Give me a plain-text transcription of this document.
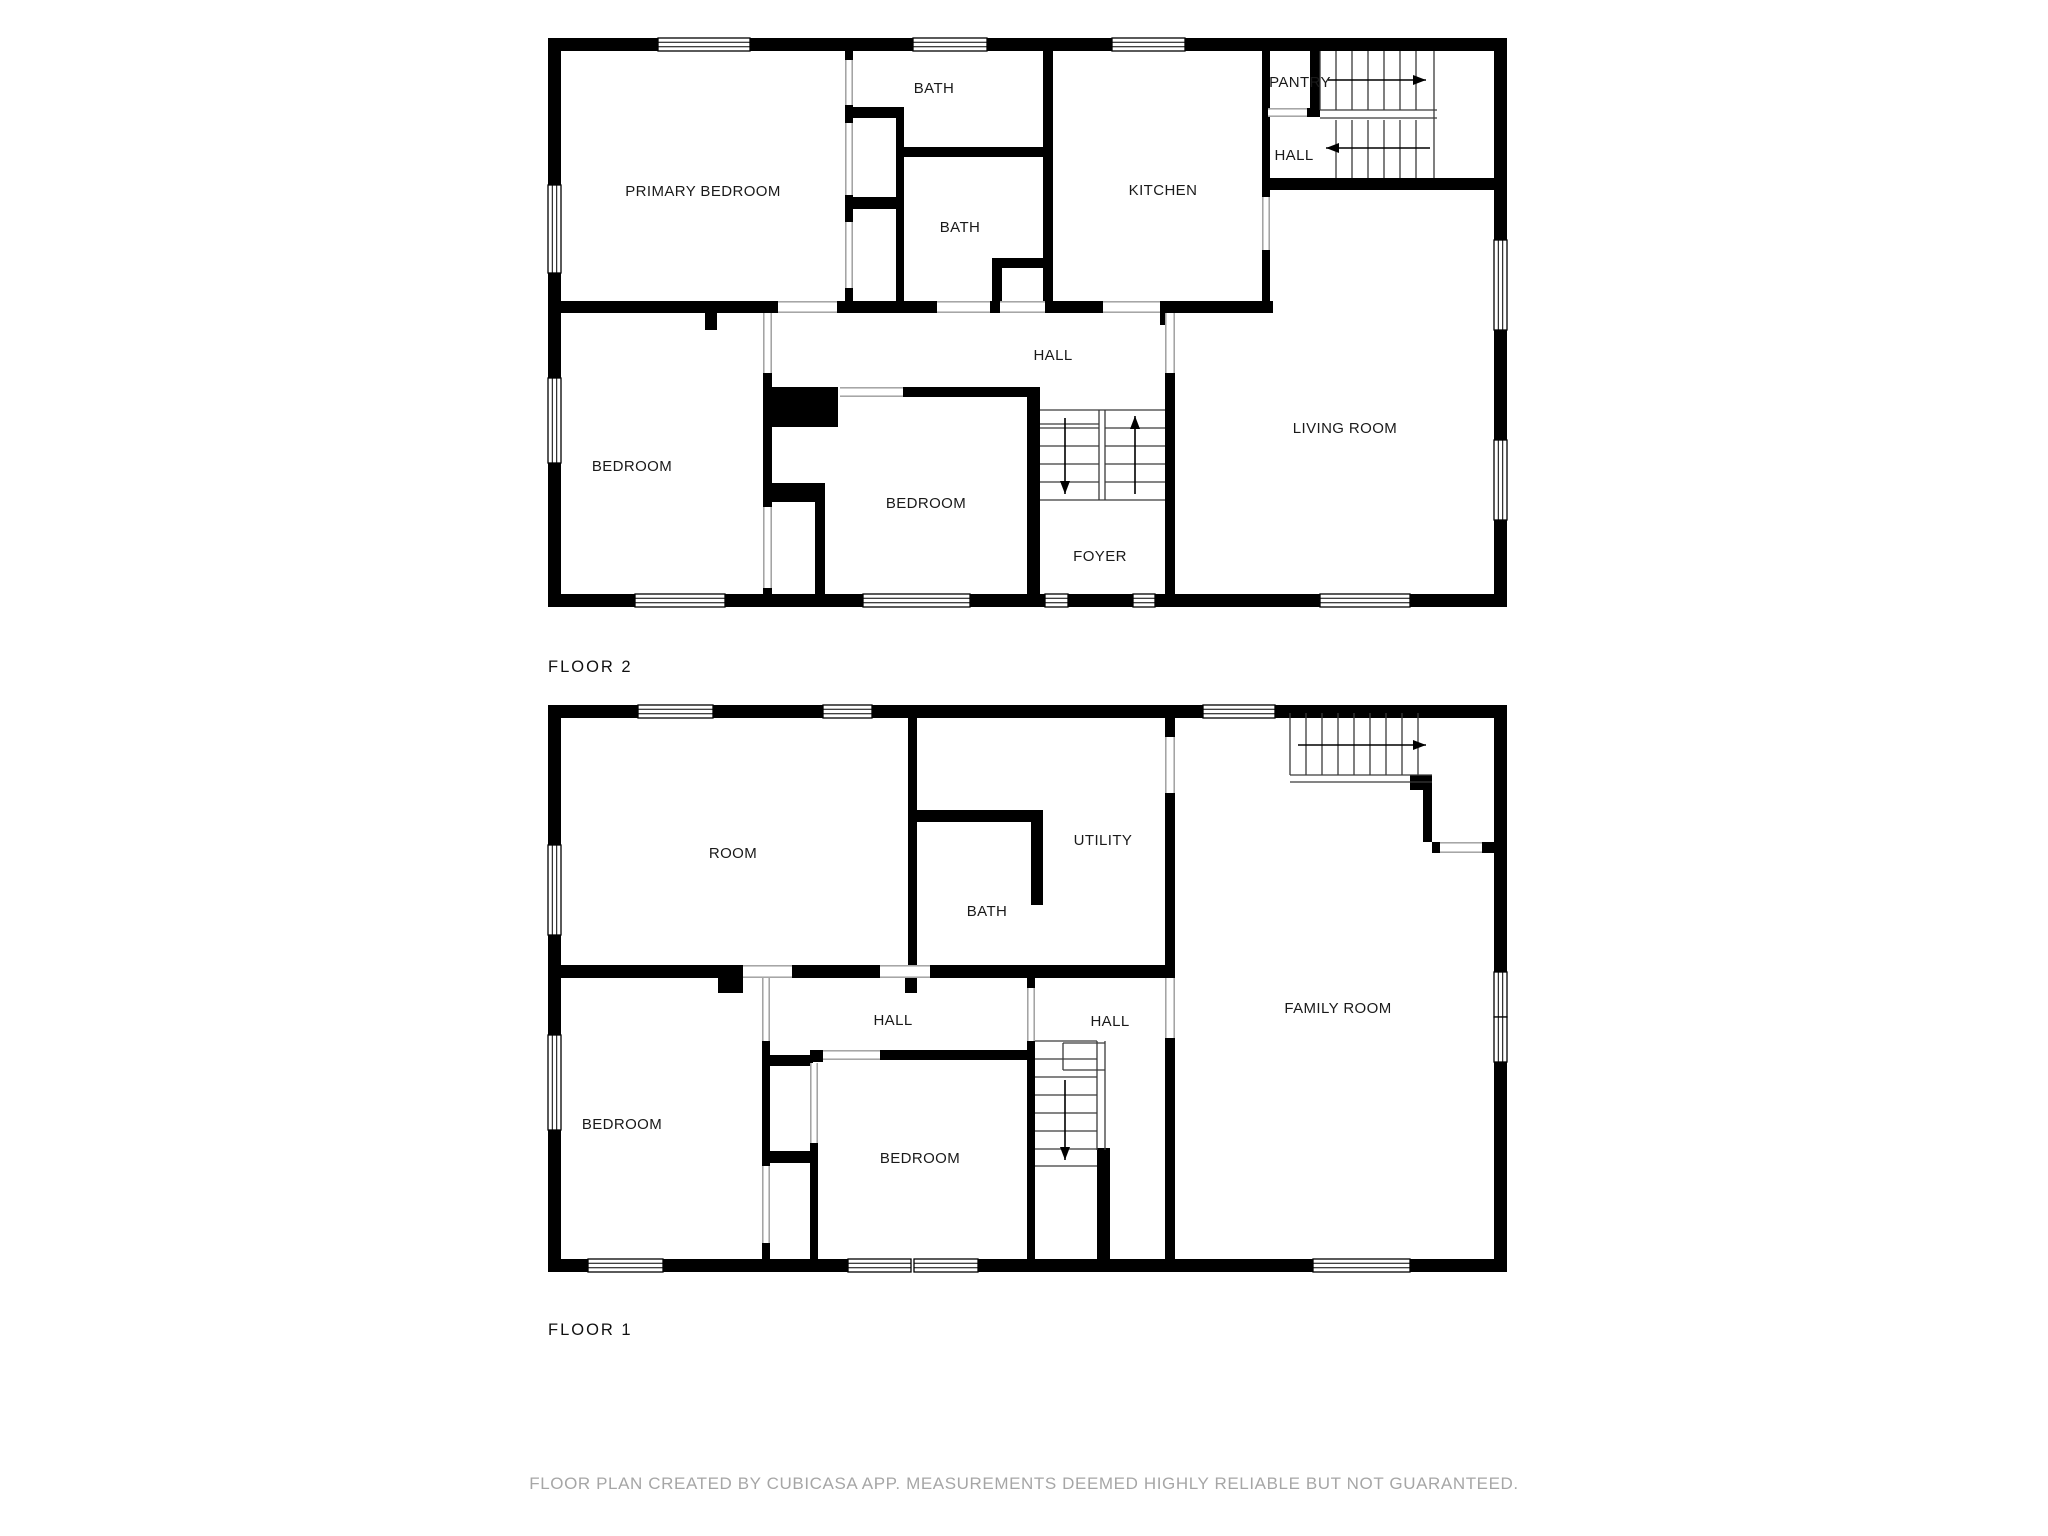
PRIMARY BEDROOM
BATH
BATH
KITCHEN
PANTRY
HALL
HALL
BEDROOM
BEDROOM
LIVING ROOM
FOYER
FLOOR 2
ROOM
UTILITY
BATH
HALL	HALL
BEDROOM
BEDROOM
FAMILY ROOM
FLOOR 1
FLOOR PLAN CREATED BY CUBICASA APP. MEASUREMENTS DEEMED HIGHLY RELIABLE BUT NOT GUARANTEED.
